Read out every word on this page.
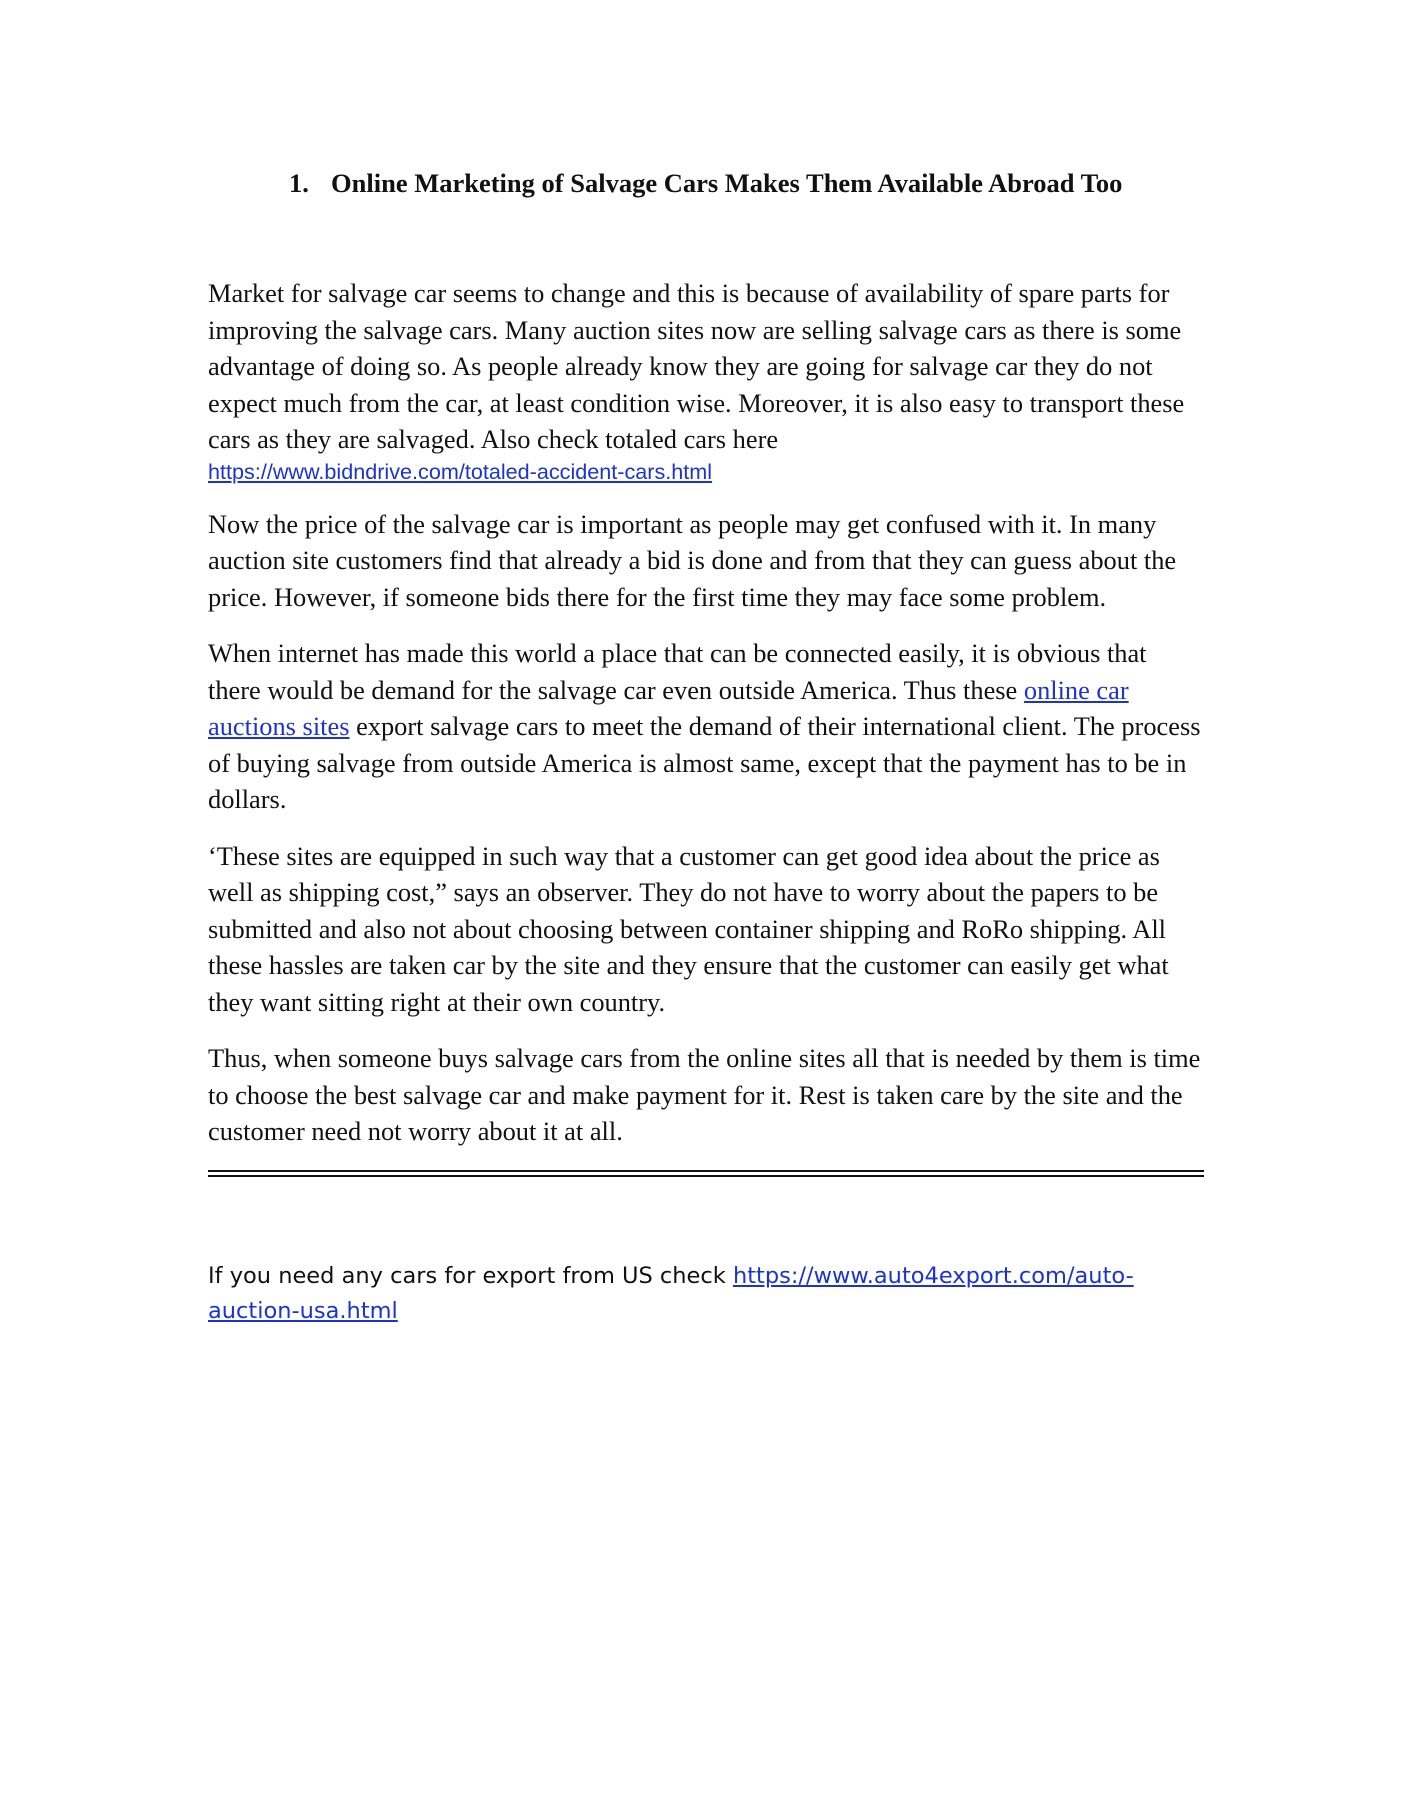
1. Online Marketing of Salvage Cars Makes Them Available Abroad Too

Market for salvage car seems to change and this is because of availability of spare parts for improving the salvage cars. Many auction sites now are selling salvage cars as there is some advantage of doing so. As people already know they are going for salvage car they do not expect much from the car, at least condition wise. Moreover, it is also easy to transport these cars as they are salvaged. Also check totaled cars here
https://www.bidndrive.com/totaled-accident-cars.html

Now the price of the salvage car is important as people may get confused with it. In many auction site customers find that already a bid is done and from that they can guess about the price. However, if someone bids there for the first time they may face some problem.

When internet has made this world a place that can be connected easily, it is obvious that there would be demand for the salvage car even outside America. Thus these online car auctions sites export salvage cars to meet the demand of their international client. The process of buying salvage from outside America is almost same, except that the payment has to be in dollars.

‘These sites are equipped in such way that a customer can get good idea about the price as well as shipping cost,” says an observer. They do not have to worry about the papers to be submitted and also not about choosing between container shipping and RoRo shipping. All these hassles are taken car by the site and they ensure that the customer can easily get what they want sitting right at their own country.

Thus, when someone buys salvage cars from the online sites all that is needed by them is time to choose the best salvage car and make payment for it. Rest is taken care by the site and the customer need not worry about it at all.

If you need any cars for export from US check https://www.auto4export.com/auto-auction-usa.html
